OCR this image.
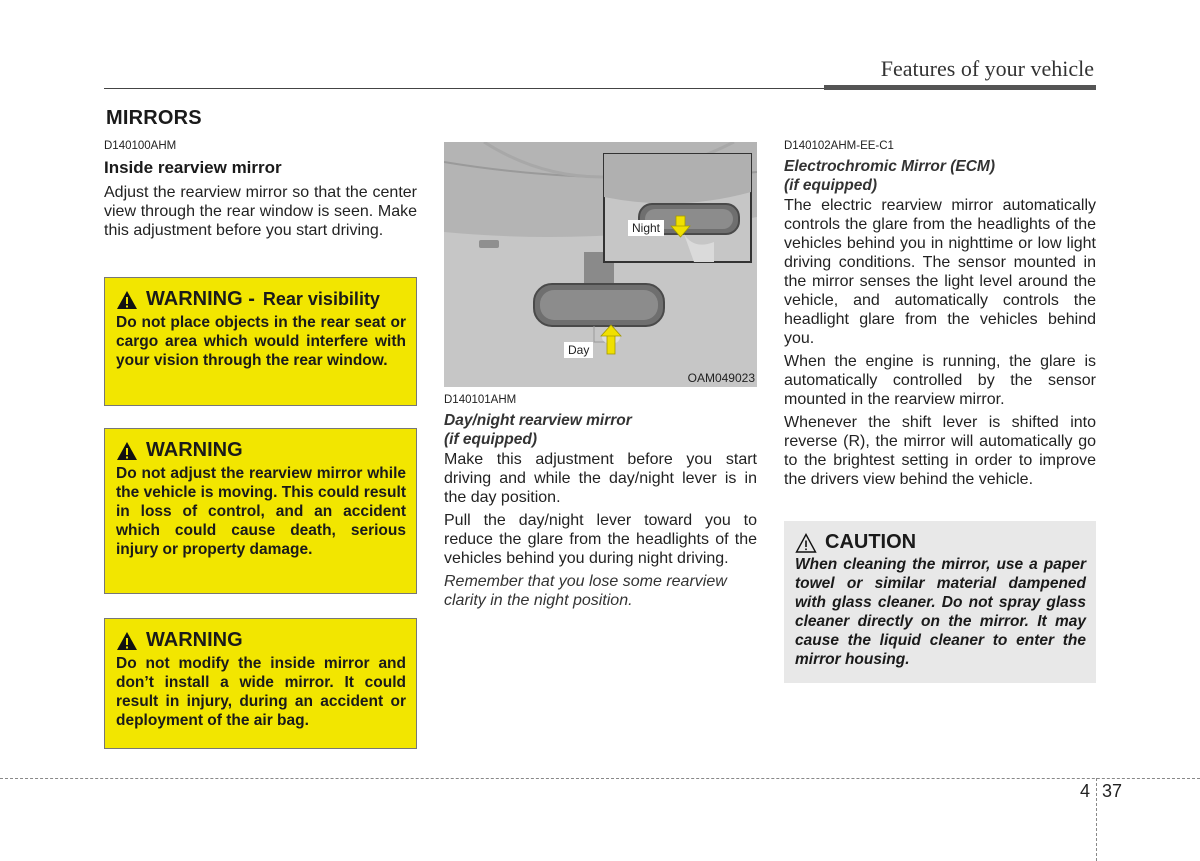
Features of your vehicle
MIRRORS
D140100AHM
Inside rearview mirror
Adjust the rearview mirror so that the center view through the rear window is seen. Make this adjustment before you start driving.
WARNING - Rear visibility
Do not place objects in the rear seat or cargo area which would interfere with your vision through the rear window.
WARNING
Do not adjust the rearview mirror while the vehicle is moving. This could result in loss of control, and an accident which could cause death, serious injury or property damage.
WARNING
Do not modify the inside mirror and don’t install a wide mirror. It could result in injury, during an accident or deployment of the air bag.
Night
Day
OAM049023
D140101AHM
Day/night rearview mirror
(if equipped)

Make this adjustment before you start driving and while the day/night lever is in the day position.

Pull the day/night lever toward you to reduce the glare from the headlights of the vehicles behind you during night driving.

Remember that you lose some rearview clarity in the night position.
D140102AHM-EE-C1
Electrochromic Mirror (ECM)
(if equipped)

The electric rearview mirror automatically controls the glare from the headlights of the vehicles behind you in nighttime or low light driving conditions. The sensor mounted in the mirror senses the light level around the vehicle, and automatically controls the headlight glare from the vehicles behind you.

When the engine is running, the glare is automatically controlled by the sensor mounted in the rearview mirror.

Whenever the shift lever is shifted into reverse (R), the mirror will automatically go to the brightest setting in order to improve the drivers view behind the vehicle.

CAUTION
When cleaning the mirror, use a paper towel or similar material dampened with glass cleaner. Do not spray glass cleaner directly on the mirror. It may cause the liquid cleaner to enter the mirror housing.
4 37
